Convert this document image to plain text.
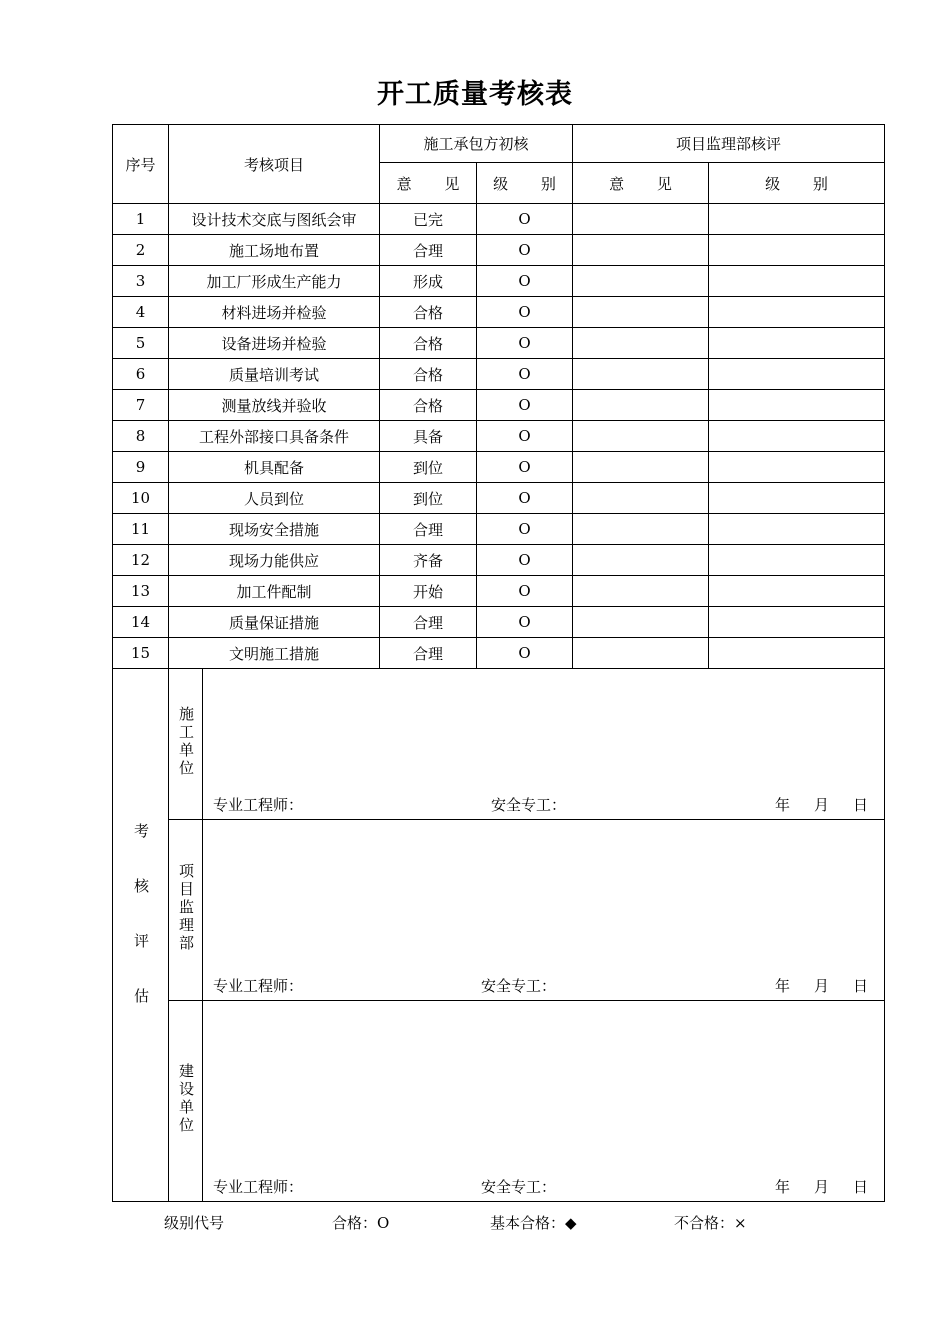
开工质量考核表
序号	考核项目		施工承包方初核		项目监理部核评	
			意 见	级 别	意 见	级 别
1	设计技术交底与图纸会审		已完	O		
2	施工场地布置		合理	O		
3	加工厂形成生产能力		形成	O		
4	材料进场并检验		合格	O		
5	设备进场并检验		合格	O		
6	质量培训考试		合格	O		
7	测量放线并验收		合格	O		
8	工程外部接口具备条件		具备	O		
9	机具配备		到位	O		
10	人员到位		到位	O		
11	现场安全措施		合理	O		
12	现场力能供应		齐备	O		
13	加工件配制		开始	O		
14	质量保证措施		合理	O		
15	文明施工措施		合理	O		
考核评估	施工单位	专业工程师： 安全专工： 年 月 日				

	项目监理部	专业工程师： 安全专工： 年 月 日				

	建设单位	专业工程师： 安全专工： 年 月 日				
级别代号	合格：O	基本合格：◆	不合格：×
